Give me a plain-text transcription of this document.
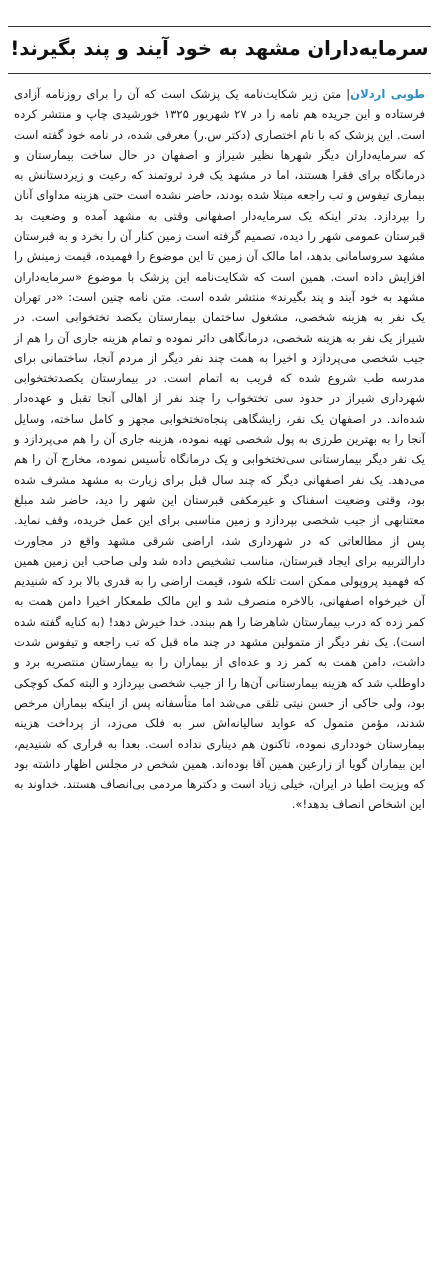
سرمایه‌داران مشهد به خود آیند و پند بگیرند!
طوبی اردلان| متن زیر شکایت‌نامه یک پزشک است که آن را برای روزنامه آزادی فرستاده و این جریده هم نامه را در ۲۷ شهریور ۱۳۲۵ خورشیدی چاپ و منتشر کرده است. این پزشک که با نام اختصاری (دکتر س.ر) معرفی شده، در نامه خود گفته است که سرمایه‌داران دیگر شهرها نظیر شیراز و اصفهان در حال ساخت بیمارستان و درمانگاه برای فقرا هستند، اما در مشهد یک فرد ثروتمند که رعیت و زیردستانش به بیماری تیفوس و تب راجعه مبتلا شده بودند، حاضر نشده است حتی هزینه مداوای آنان را بپردازد. بدتر اینکه یک سرمایه‌دار اصفهانی وقتی به مشهد آمده و وضعیت بد قبرستان عمومی شهر را دیده، تصمیم گرفته است زمین کنار آن را بخرد و به قبرستان مشهد سروسامانی بدهد، اما مالک آن زمین تا این موضوع را فهمیده، قیمت زمینش را افزایش داده است. همین است که شکایت‌نامه این پزشک با موضوع «سرمایه‌داران مشهد به خود آیند و پند بگیرند» منتشر شده است. متن نامه چنین است: «در تهران یک نفر به هزینه شخصی، مشغول ساختمان بیمارستان یکصد تختخوابی است. در شیراز یک نفر به هزینه شخصی، درمانگاهی دائر نموده و تمام هزینه جاری آن را هم از جیب شخصی می‌پردازد و اخیرا به همت چند نفر دیگر از مردم آنجا، ساختمانی برای مدرسه طب شروع شده که قریب به اتمام است. در بیمارستان یکصدتختخوابی شهرداری شیراز در حدود سی تختخواب را چند نفر از اهالی آنجا تقبل و عهده‌دار شده‌اند. در اصفهان یک نفر، زایشگاهی پنجاه‌تختخوابی مجهز و کامل ساخته، وسایل آنجا را به بهترین طرزی به پول شخصی تهیه نموده، هزینه جاری آن را هم می‌پردازد و یک نفر دیگر بیمارستانی سی‌تختخوابی و یک درمانگاه تأسیس نموده، مخارج آن را هم می‌دهد. یک نفر اصفهانی دیگر که چند سال قبل برای زیارت به مشهد مشرف شده بود، وقتی وضعیت اسفناک و غیرمکفی قبرستان این شهر را دید، حاضر شد مبلغ معتنابهی از جیب شخصی بپردازد و زمین مناسبی برای این عمل خریده، وقف نماید. پس از مطالعاتی که در شهرداری شد، اراضی شرقی مشهد واقع در مجاورت دارالتربیه برای ایجاد قبرستان، مناسب تشخیص داده شد ولی صاحب این زمین همین که فهمید پروپولی ممکن است تلکه شود، قیمت اراضی را به قدری بالا برد که شنیدیم آن خیرخواه اصفهانی، بالاخره منصرف شد و این مالک طمعکار اخیرا دامن همت به کمر زده که درب بیمارستان شاهرضا را هم ببندد. خدا خیرش دهد! (به کنایه گفته شده است). یک نفر دیگر از متمولین مشهد در چند ماه قبل که تب راجعه و تیفوس شدت داشت، دامن همت به کمر زد و عده‌ای از بیماران را به بیمارستان منتصریه برد و داوطلب شد که هزینه بیمارستانی آن‌ها را از جیب شخصی بپردازد و البته کمک کوچکی بود، ولی حاکی از حسن نیتی تلقی می‌شد اما متأسفانه پس از اینکه بیماران مرخص شدند، مؤمن متمول که عواید سالیانه‌اش سر به فلک می‌زد، از پرداخت هزینه بیمارستان خودداری نموده، تاکنون هم دیناری نداده است. بعدا به قراری که شنیدیم، این بیماران گویا از زارعین همین آقا بوده‌اند. همین شخص در مجلس اظهار داشته بود که ویزیت اطبا در ایران، خیلی زیاد است و دکترها مردمی بی‌انصاف هستند. خداوند به این اشخاص انصاف بدهد!».
